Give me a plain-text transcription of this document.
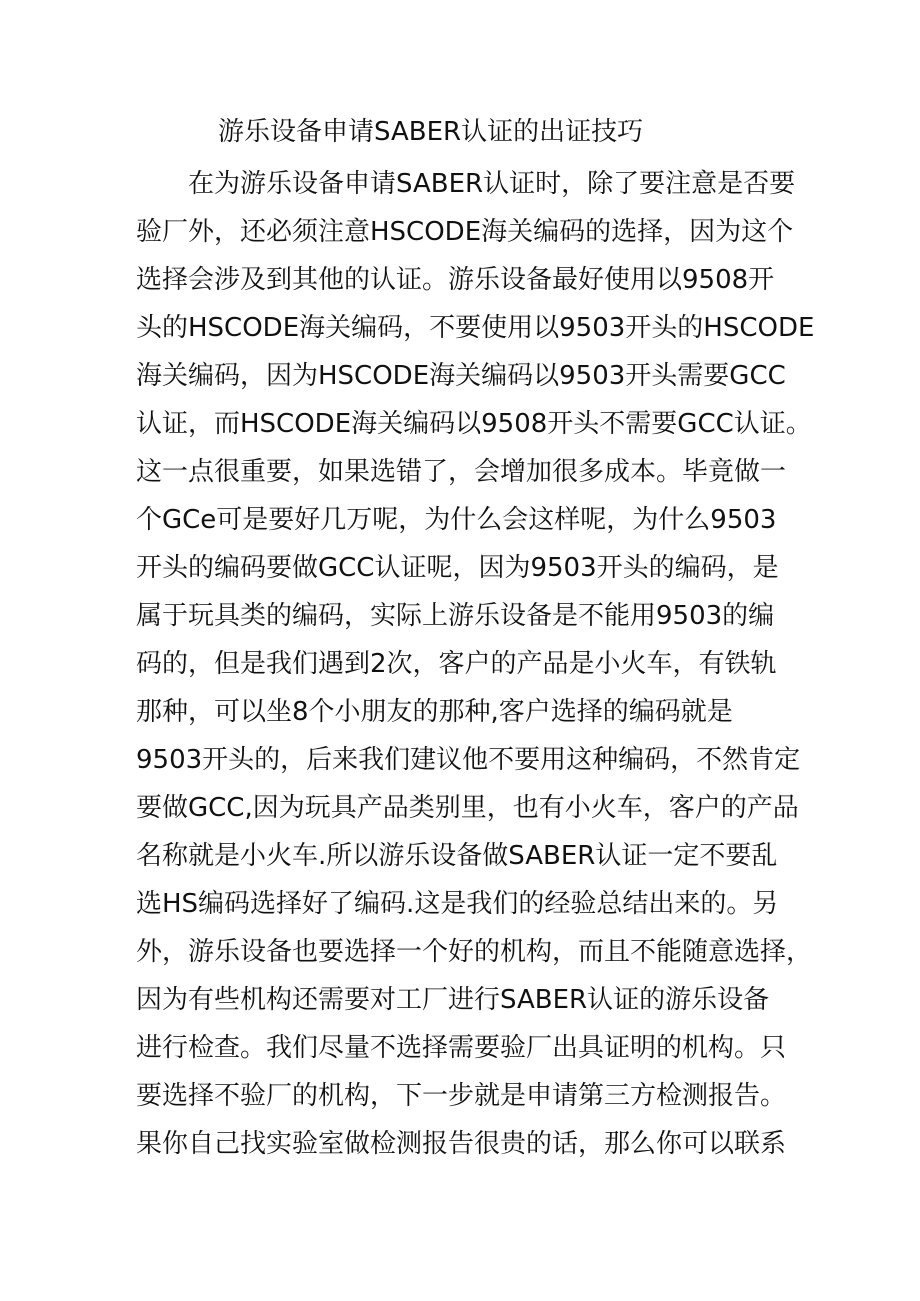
游乐设备申请SABER认证的出证技巧
在为游乐设备申请SABER认证时，除了要注意是否要
验厂外，还必须注意HSCODE海关编码的选择，因为这个
选择会涉及到其他的认证。游乐设备最好使用以9508开
头的HSCODE海关编码，不要使用以9503开头的HSCODE
海关编码，因为HSCODE海关编码以9503开头需要GCC
认证，而HSCODE海关编码以9508开头不需要GCC认证。
这一点很重要，如果选错了，会增加很多成本。毕竟做一
个GCe可是要好几万呢，为什么会这样呢，为什么9503
开头的编码要做GCC认证呢，因为9503开头的编码，是
属于玩具类的编码，实际上游乐设备是不能用9503的编
码的，但是我们遇到2次，客户的产品是小火车，有铁轨
那种，可以坐8个小朋友的那种,客户选择的编码就是
9503开头的，后来我们建议他不要用这种编码，不然肯定
要做GCC,因为玩具产品类别里，也有小火车，客户的产品
名称就是小火车.所以游乐设备做SABER认证一定不要乱
选HS编码选择好了编码.这是我们的经验总结出来的。另
外，游乐设备也要选择一个好的机构，而且不能随意选择，
因为有些机构还需要对工厂进行SABER认证的游乐设备
进行检查。我们尽量不选择需要验厂出具证明的机构。只
要选择不验厂的机构，下一步就是申请第三方检测报告。
果你自己找实验室做检测报告很贵的话，那么你可以联系
